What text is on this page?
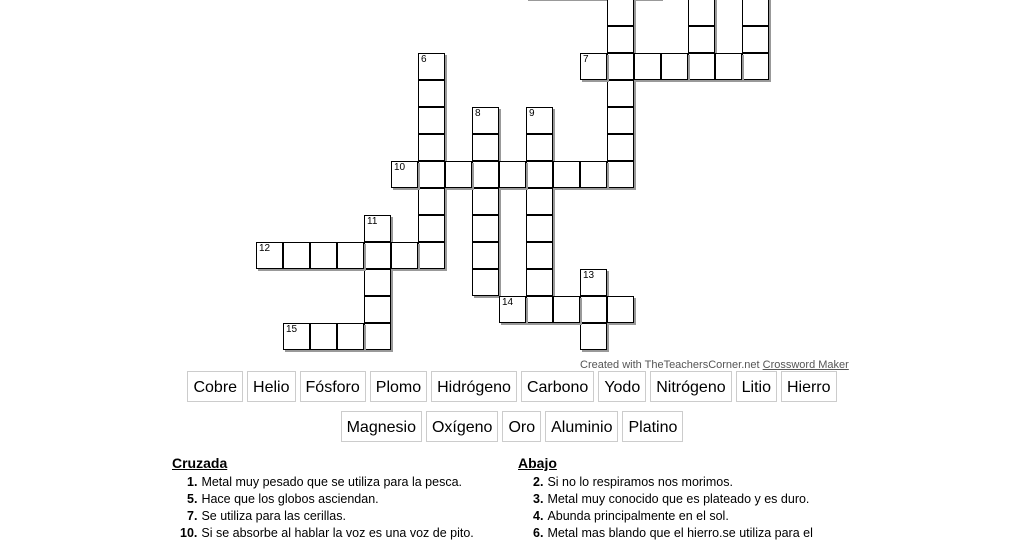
7
6
8	9
10
11
12
13
14
15
Created with TheTeachersCorner.net Crossword Maker
Cobre	Helio	Fósforo	Plomo	Hidrógeno	Carbono	Yodo	Nitrógeno	Litio	Hierro
Magnesio	Oxígeno	Oro	Aluminio	Platino
Cruzada
1. Metal muy pesado que se utiliza para la pesca.
5. Hace que los globos asciendan.
7. Se utiliza para las cerillas.
10. Si se absorbe al hablar la voz es una voz de pito.
Abajo
2. Si no lo respiramos nos morimos.
3. Metal muy conocido que es plateado y es duro.
4. Abunda principalmente en el sol.
6. Metal mas blando que el hierro.se utiliza para el
